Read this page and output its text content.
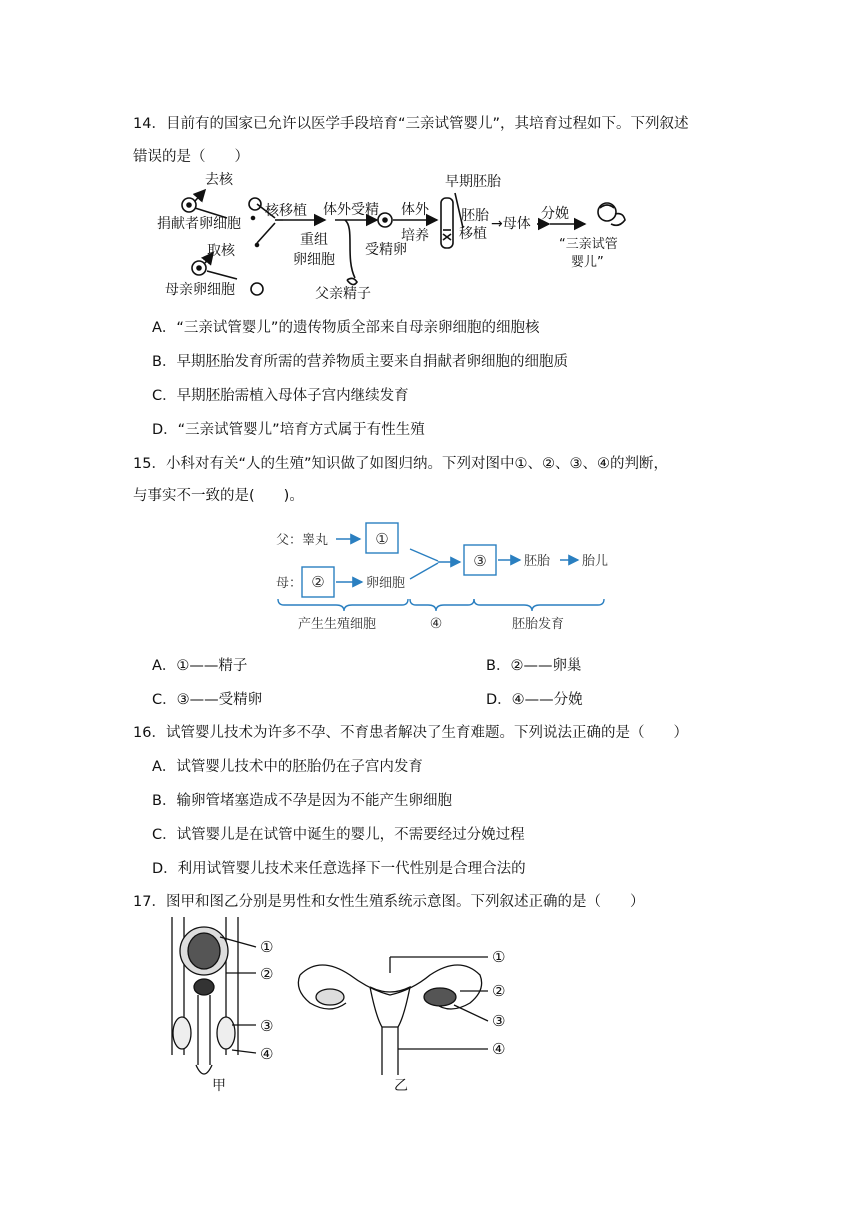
14．目前有的国家已允许以医学手段培育“三亲试管婴儿”，其培育过程如下。下列叙述
错误的是（　　）
去核
捐献者卵细胞
取核
母亲卵细胞
核移植
重组
卵细胞
体外受精
受精卵
父亲精子
体外
培养
早期胚胎
胚胎
移植
→母体
分娩
“三亲试管
婴儿”
A．“三亲试管婴儿”的遗传物质全部来自母亲卵细胞的细胞核
B．早期胚胎发育所需的营养物质主要来自捐献者卵细胞的细胞质
C．早期胚胎需植入母体子宫内继续发育
D．“三亲试管婴儿”培育方式属于有性生殖
15．小科对有关“人的生殖”知识做了如图归纳。下列对图中①、②、③、④的判断，
与事实不一致的是(　　)。
父：睾丸
母：
①
②
③
卵细胞
胚胎 胎儿
产生生殖细胞	④	胚胎发育
A．①——精子	B．②——卵巢
C．③——受精卵	D．④——分娩
16．试管婴儿技术为许多不孕、不育患者解决了生育难题。下列说法正确的是（　　）
A．试管婴儿技术中的胚胎仍在子宫内发育
B．输卵管堵塞造成不孕是因为不能产生卵细胞
C．试管婴儿是在试管中诞生的婴儿，不需要经过分娩过程
D．利用试管婴儿技术来任意选择下一代性别是合理合法的
17．图甲和图乙分别是男性和女性生殖系统示意图。下列叙述正确的是（　　）
①
②
③
④
甲
①
②
③
④
乙
